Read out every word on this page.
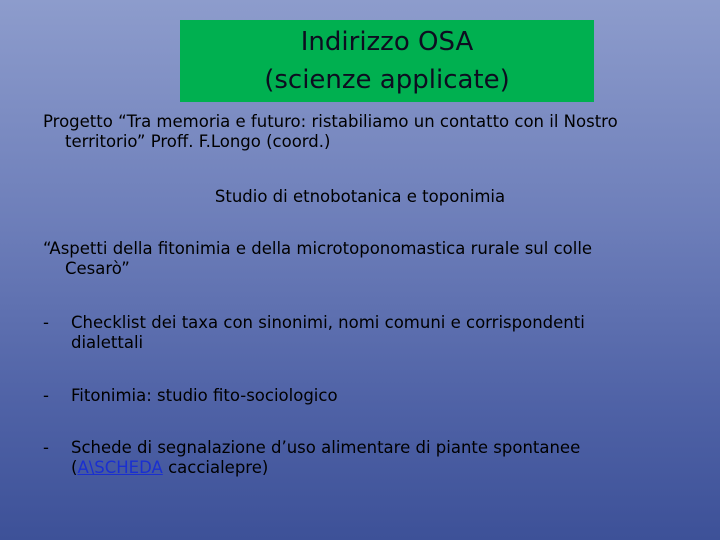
Indirizzo OSA
(scienze applicate)
Progetto “Tra memoria e futuro: ristabiliamo un contatto con il Nostro
territorio” Proff. F.Longo (coord.)
Studio di etnobotanica e toponimia
“Aspetti della fitonimia e della microtoponomastica rurale sul colle
Cesarò”
- Checklist dei taxa con sinonimi, nomi comuni e corrispondenti
dialettali
- Fitonimia: studio fito-sociologico
- Schede di segnalazione d’uso alimentare di piante spontanee
(A\SCHEDA caccialepre)
